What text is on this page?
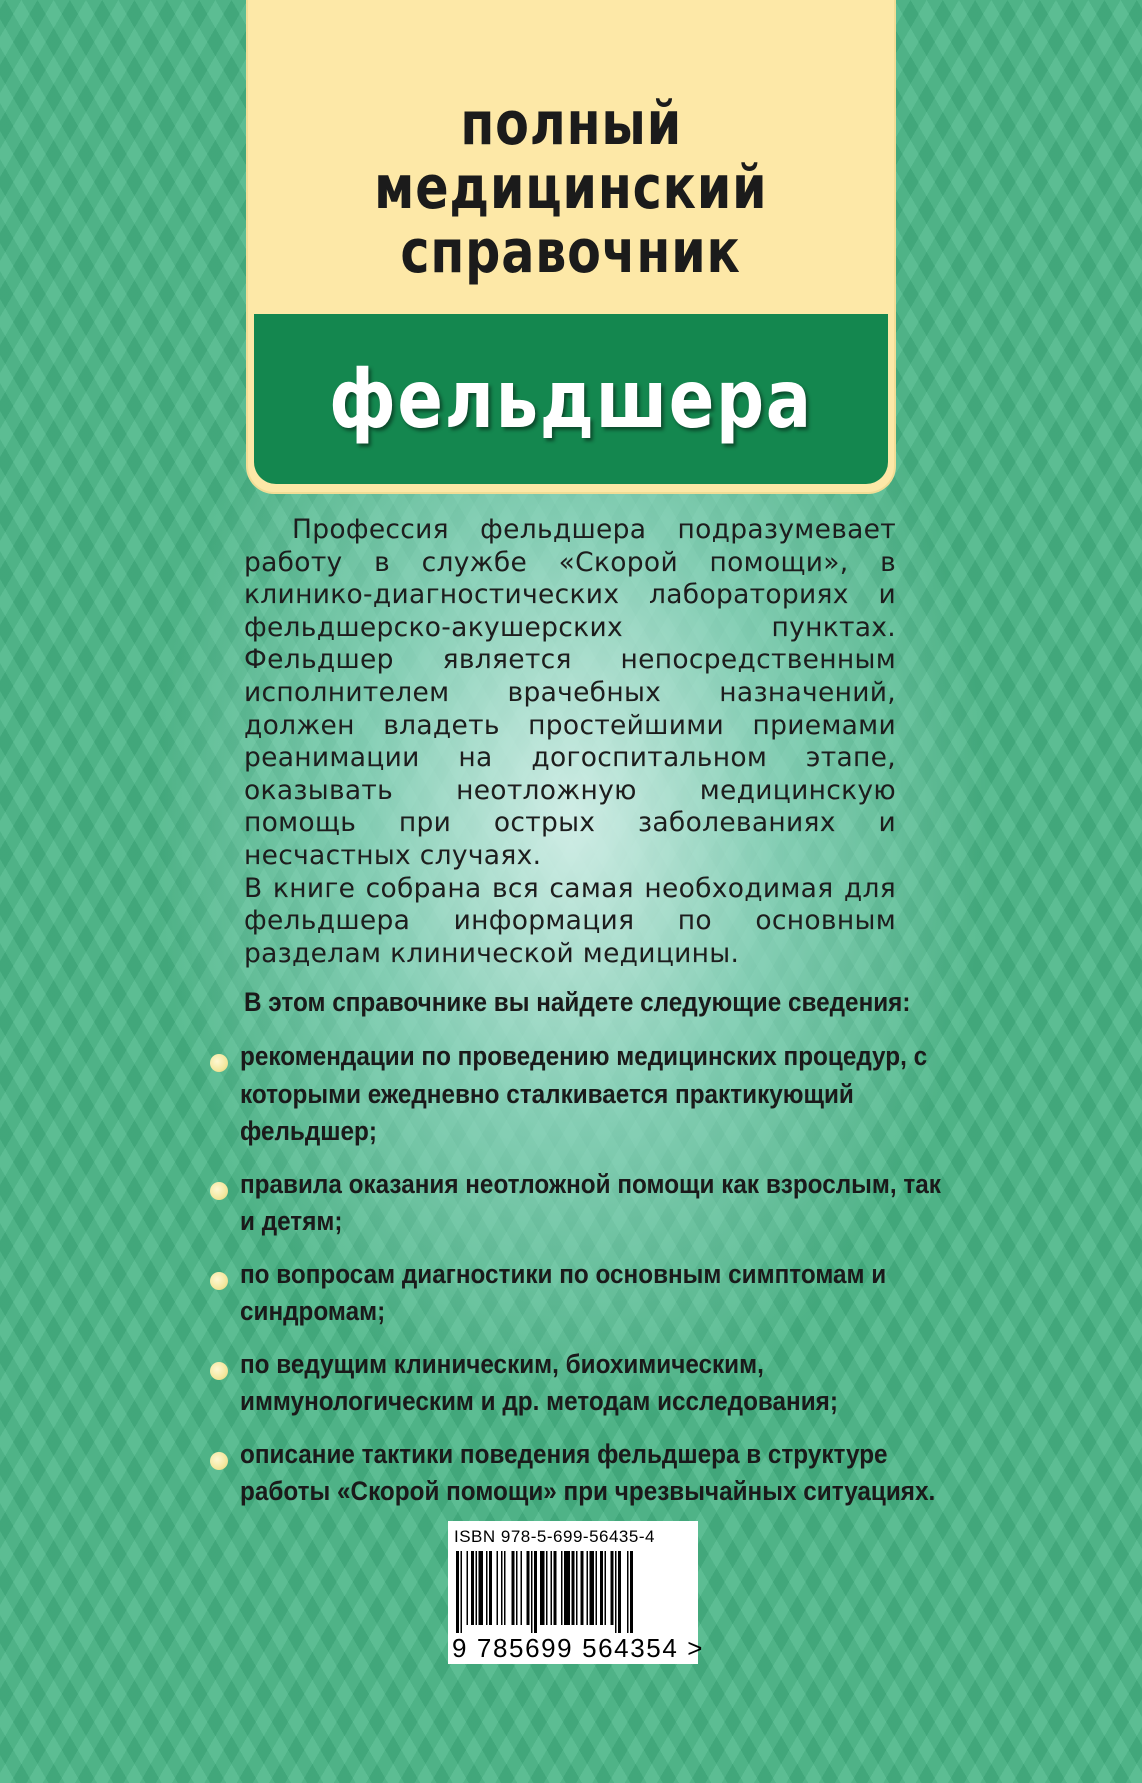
полный
медицинский
справочник
фельдшера

Профессия фельдшера подразумевает работу в службе «Скорой помощи», в клинико-диагностических лабораториях и фельдшерско-акушерских пунктах. Фельдшер является непосредственным исполнителем врачебных назначений, должен владеть простейшими приемами реанимации на догоспитальном этапе, оказывать неотложную медицинскую помощь при острых заболеваниях и несчастных случаях.

В книге собрана вся самая необходимая для фельдшера информация по основным разделам клинической медицины.

В этом справочнике вы найдете следующие сведения:
рекомендации по проведению медицинских процедур, с которыми ежедневно сталкивается практикующий фельдшер;
правила оказания неотложной помощи как взрослым, так и детям;
по вопросам диагностики по основным симптомам и синдромам;
по ведущим клиническим, биохимическим, иммунологическим и др. методам исследования;
описание тактики поведения фельдшера в структуре работы «Скорой помощи» при чрезвычайных ситуациях.
ISBN 978-5-699-56435-4
9 785699 564354 >
